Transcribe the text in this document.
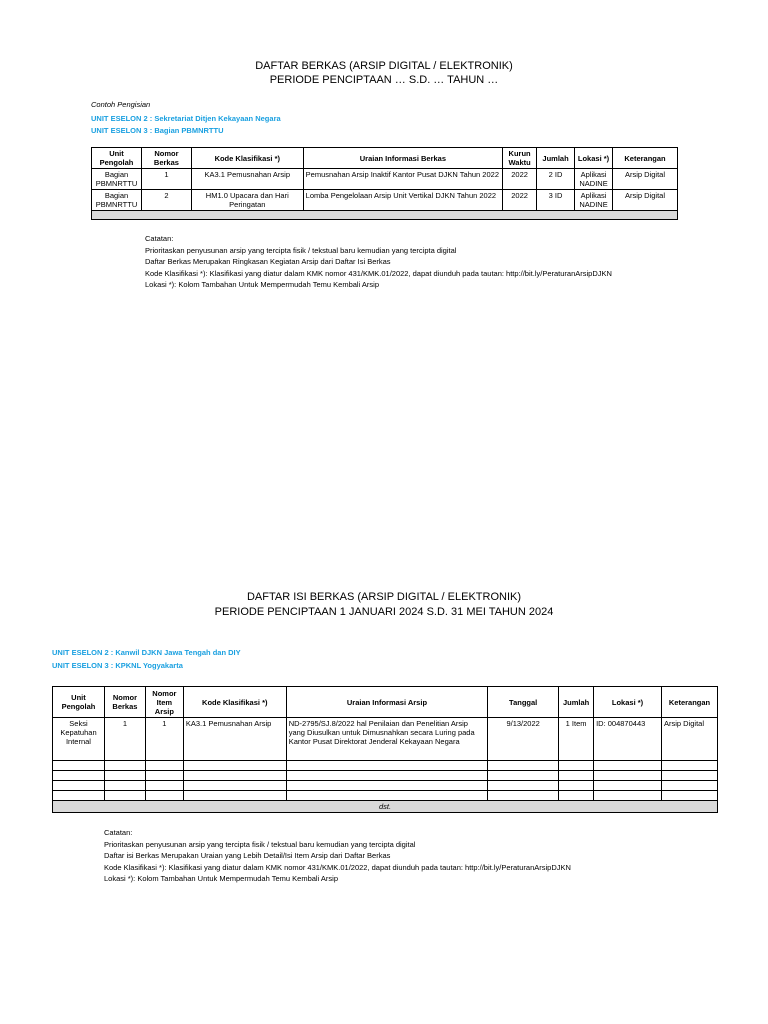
DAFTAR BERKAS (ARSIP DIGITAL / ELEKTRONIK)
PERIODE PENCIPTAAN … S.D. … TAHUN …
Contoh Pengisian
UNIT ESELON 2 : Sekretariat Ditjen Kekayaan Negara
UNIT ESELON 3 : Bagian PBMNRTTU
Unit Pengolah	Nomor Berkas	Kode Klasifikasi *)	Uraian Informasi Berkas	Kurun Waktu	Jumlah	Lokasi *)	Keterangan
Bagian PBMNRTTU	1	KA3.1 Pemusnahan Arsip	Pemusnahan Arsip Inaktif Kantor Pusat DJKN Tahun 2022	2022	2 ID	Aplikasi NADINE	Arsip Digital
Bagian PBMNRTTU	2	HM1.0 Upacara dan Hari Peringatan	Lomba Pengelolaan Arsip Unit Vertikal DJKN Tahun 2022	2022	3 ID	Aplikasi NADINE	Arsip Digital

Catatan:
Prioritaskan penyusunan arsip yang tercipta fisik / tekstual baru kemudian yang tercipta digital
Daftar Berkas Merupakan Ringkasan Kegiatan Arsip dari Daftar Isi Berkas
Kode Klasifikasi *): Klasifikasi yang diatur dalam KMK nomor 431/KMK.01/2022, dapat diunduh pada tautan: http://bit.ly/PeraturanArsipDJKN
Lokasi *): Kolom Tambahan Untuk Mempermudah Temu Kembali Arsip
DAFTAR ISI BERKAS (ARSIP DIGITAL / ELEKTRONIK)
PERIODE PENCIPTAAN 1 JANUARI 2024 S.D. 31 MEI TAHUN 2024
UNIT ESELON 2 : Kanwil DJKN Jawa Tengah dan DIY
UNIT ESELON 3 : KPKNL Yogyakarta
Unit Pengolah	Nomor Berkas	Nomor Item Arsip	Kode Klasifikasi *)	Uraian Informasi Arsip	Tanggal	Jumlah	Lokasi *)	Keterangan
Seksi Kepatuhan Internal	1	1	KA3.1 Pemusnahan Arsip	ND-2795/SJ.8/2022 hal Penilaian dan Penelitian Arsip yang Diusulkan untuk Dimusnahkan secara Luring pada Kantor Pusat Direktorat Jenderal Kekayaan Negara	9/13/2022	1 Item	ID: 004870443	Arsip Digital

dst.								
Catatan:
Prioritaskan penyusunan arsip yang tercipta fisik / tekstual baru kemudian yang tercipta digital
Daftar isi Berkas Merupakan Uraian yang Lebih Detail/Isi Item Arsip dari Daftar Berkas
Kode Klasifikasi *): Klasifikasi yang diatur dalam KMK nomor 431/KMK.01/2022, dapat diunduh pada tautan: http://bit.ly/PeraturanArsipDJKN
Lokasi *): Kolom Tambahan Untuk Mempermudah Temu Kembali Arsip
